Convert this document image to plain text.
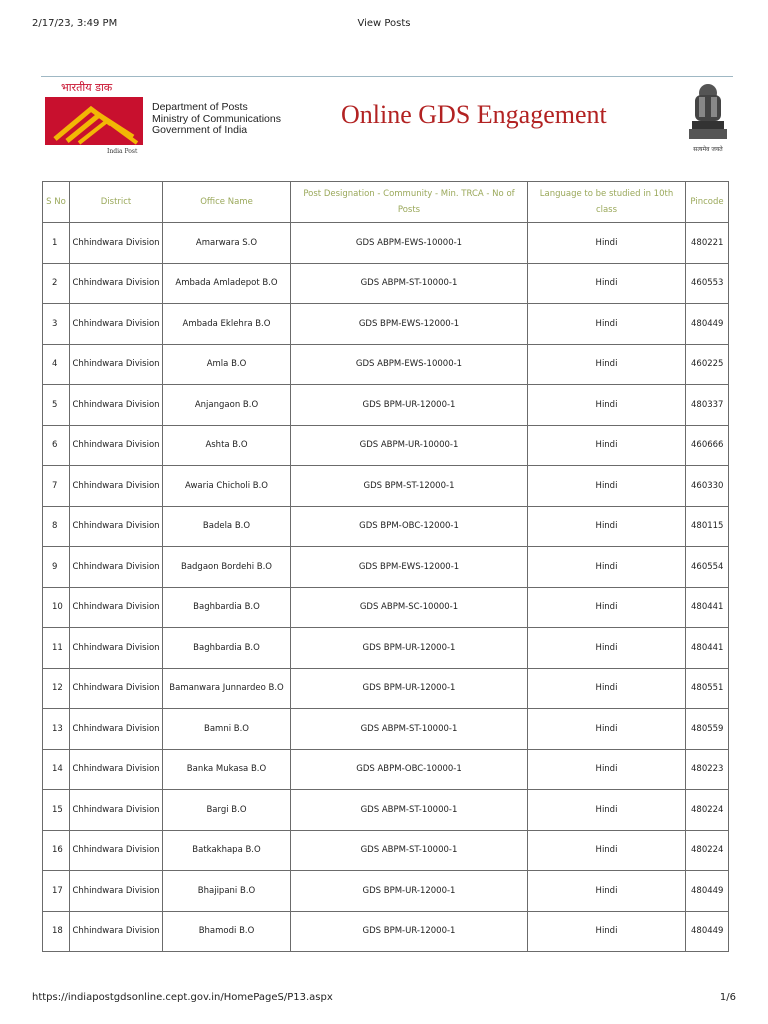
2/17/23, 3:49 PM	View Posts
भारतीय डाक
India Post
Department of Posts
Ministry of Communications
Government of India
Online GDS Engagement
सत्यमेव जयते
S No	District	Office Name	Post Designation - Community - Min. TRCA - No of Posts	Language to be studied in 10th class	Pincode
1	Chhindwara Division	Amarwara S.O	GDS ABPM-EWS-10000-1	Hindi	480221
2	Chhindwara Division	Ambada Amladepot B.O	GDS ABPM-ST-10000-1	Hindi	460553
3	Chhindwara Division	Ambada Eklehra B.O	GDS BPM-EWS-12000-1	Hindi	480449
4	Chhindwara Division	Amla B.O	GDS ABPM-EWS-10000-1	Hindi	460225
5	Chhindwara Division	Anjangaon B.O	GDS BPM-UR-12000-1	Hindi	480337
6	Chhindwara Division	Ashta B.O	GDS ABPM-UR-10000-1	Hindi	460666
7	Chhindwara Division	Awaria Chicholi B.O	GDS BPM-ST-12000-1	Hindi	460330
8	Chhindwara Division	Badela B.O	GDS BPM-OBC-12000-1	Hindi	480115
9	Chhindwara Division	Badgaon Bordehi B.O	GDS BPM-EWS-12000-1	Hindi	460554
10	Chhindwara Division	Baghbardia B.O	GDS ABPM-SC-10000-1	Hindi	480441
11	Chhindwara Division	Baghbardia B.O	GDS BPM-UR-12000-1	Hindi	480441
12	Chhindwara Division	Bamanwara Junnardeo B.O	GDS BPM-UR-12000-1	Hindi	480551
13	Chhindwara Division	Bamni B.O	GDS ABPM-ST-10000-1	Hindi	480559
14	Chhindwara Division	Banka Mukasa B.O	GDS ABPM-OBC-10000-1	Hindi	480223
15	Chhindwara Division	Bargi B.O	GDS ABPM-ST-10000-1	Hindi	480224
16	Chhindwara Division	Batkakhapa B.O	GDS ABPM-ST-10000-1	Hindi	480224
17	Chhindwara Division	Bhajipani B.O	GDS BPM-UR-12000-1	Hindi	480449
18	Chhindwara Division	Bhamodi B.O	GDS BPM-UR-12000-1	Hindi	480449
https://indiapostgdsonline.cept.gov.in/HomePageS/P13.aspx	1/6
